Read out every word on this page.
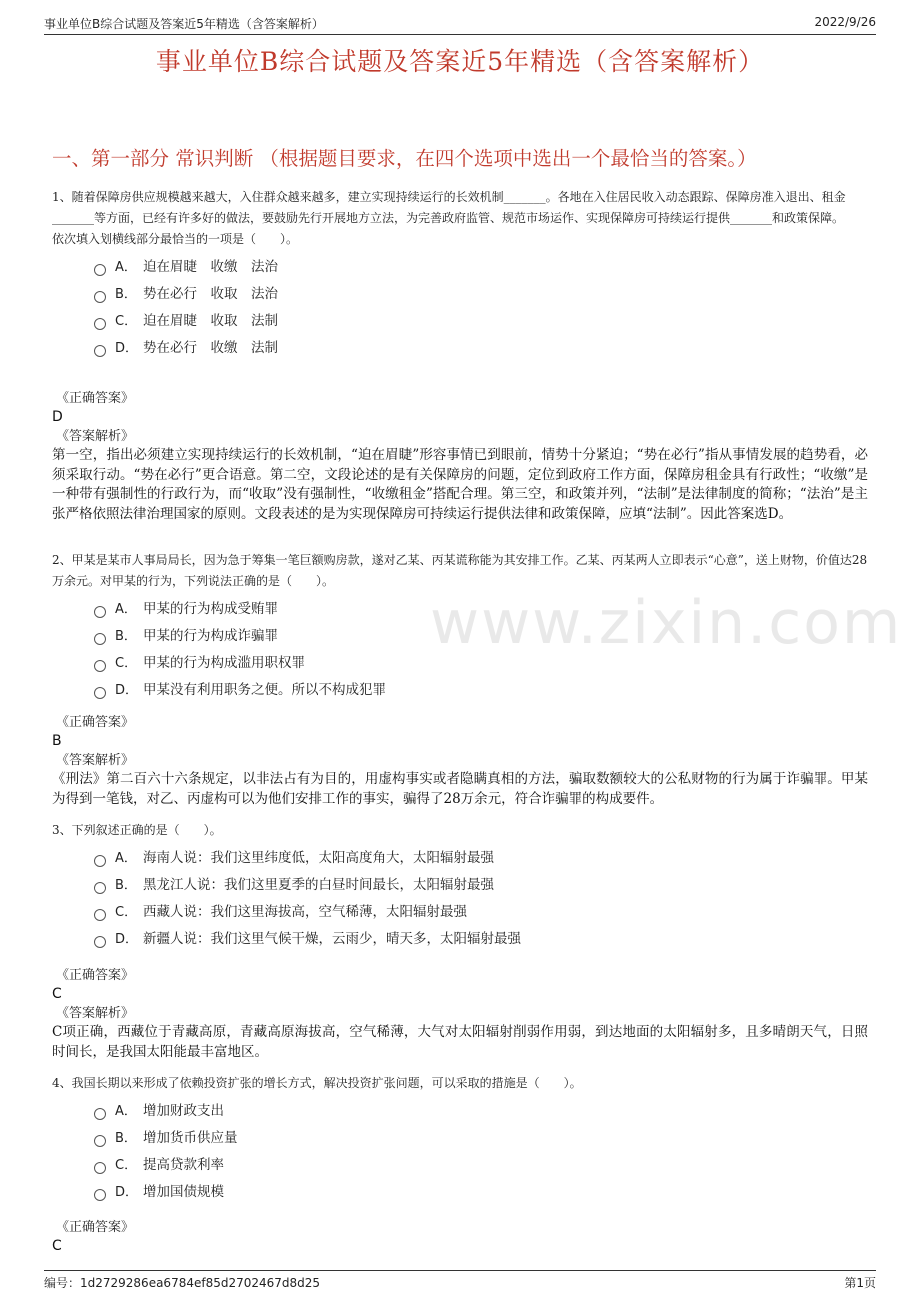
事业单位B综合试题及答案近5年精选（含答案解析）	2022/9/26
事业单位B综合试题及答案近5年精选（含答案解析）
一、第一部分 常识判断 （根据题目要求，在四个选项中选出一个最恰当的答案。）
www.zixin.com
1、随着保障房供应规模越来越大，入住群众越来越多，建立实现持续运行的长效机制_______。各地在入住居民收入动态跟踪、保障房准入退出、租金_______等方面，已经有许多好的做法，要鼓励先行开展地方立法，为完善政府监管、规范市场运作、实现保障房可持续运行提供_______和政策保障。
依次填入划横线部分最恰当的一项是（　　）。
A． 迫在眉睫　收缴　法治
B． 势在必行　收取　法治
C． 迫在眉睫　收取　法制
D． 势在必行　收缴　法制
《正确答案》
D
《答案解析》
第一空，指出必须建立实现持续运行的长效机制，“迫在眉睫”形容事情已到眼前，情势十分紧迫；“势在必行”指从事情发展的趋势看，必须采取行动。“势在必行”更合语意。第二空，文段论述的是有关保障房的问题，定位到政府工作方面，保障房租金具有行政性；“收缴”是一种带有强制性的行政行为，而“收取”没有强制性，“收缴租金”搭配合理。第三空，和政策并列，“法制”是法律制度的简称；“法治”是主张严格依照法律治理国家的原则。文段表述的是为实现保障房可持续运行提供法律和政策保障，应填“法制”。因此答案选D。
2、甲某是某市人事局局长，因为急于筹集一笔巨额购房款，遂对乙某、丙某谎称能为其安排工作。乙某、丙某两人立即表示“心意”，送上财物，价值达28万余元。对甲某的行为，下列说法正确的是（　　）。
A． 甲某的行为构成受贿罪
B． 甲某的行为构成诈骗罪
C． 甲某的行为构成滥用职权罪
D． 甲某没有利用职务之便。所以不构成犯罪
《正确答案》
B
《答案解析》
《刑法》第二百六十六条规定，以非法占有为目的，用虚构事实或者隐瞒真相的方法，骗取数额较大的公私财物的行为属于诈骗罪。甲某为得到一笔钱，对乙、丙虚构可以为他们安排工作的事实，骗得了28万余元，符合诈骗罪的构成要件。
3、下列叙述正确的是（　　）。
A． 海南人说：我们这里纬度低，太阳高度角大，太阳辐射最强
B． 黑龙江人说：我们这里夏季的白昼时间最长，太阳辐射最强
C． 西藏人说：我们这里海拔高，空气稀薄，太阳辐射最强
D． 新疆人说：我们这里气候干燥，云雨少，晴天多，太阳辐射最强
《正确答案》
C
《答案解析》
C项正确，西藏位于青藏高原，青藏高原海拔高，空气稀薄，大气对太阳辐射削弱作用弱，到达地面的太阳辐射多，且多晴朗天气，日照时间长，是我国太阳能最丰富地区。
4、我国长期以来形成了依赖投资扩张的增长方式，解决投资扩张问题，可以采取的措施是（　　）。
A． 增加财政支出
B． 增加货币供应量
C． 提高贷款利率
D． 增加国债规模
《正确答案》
C
编号：1d2729286ea6784ef85d2702467d8d25	第1页
